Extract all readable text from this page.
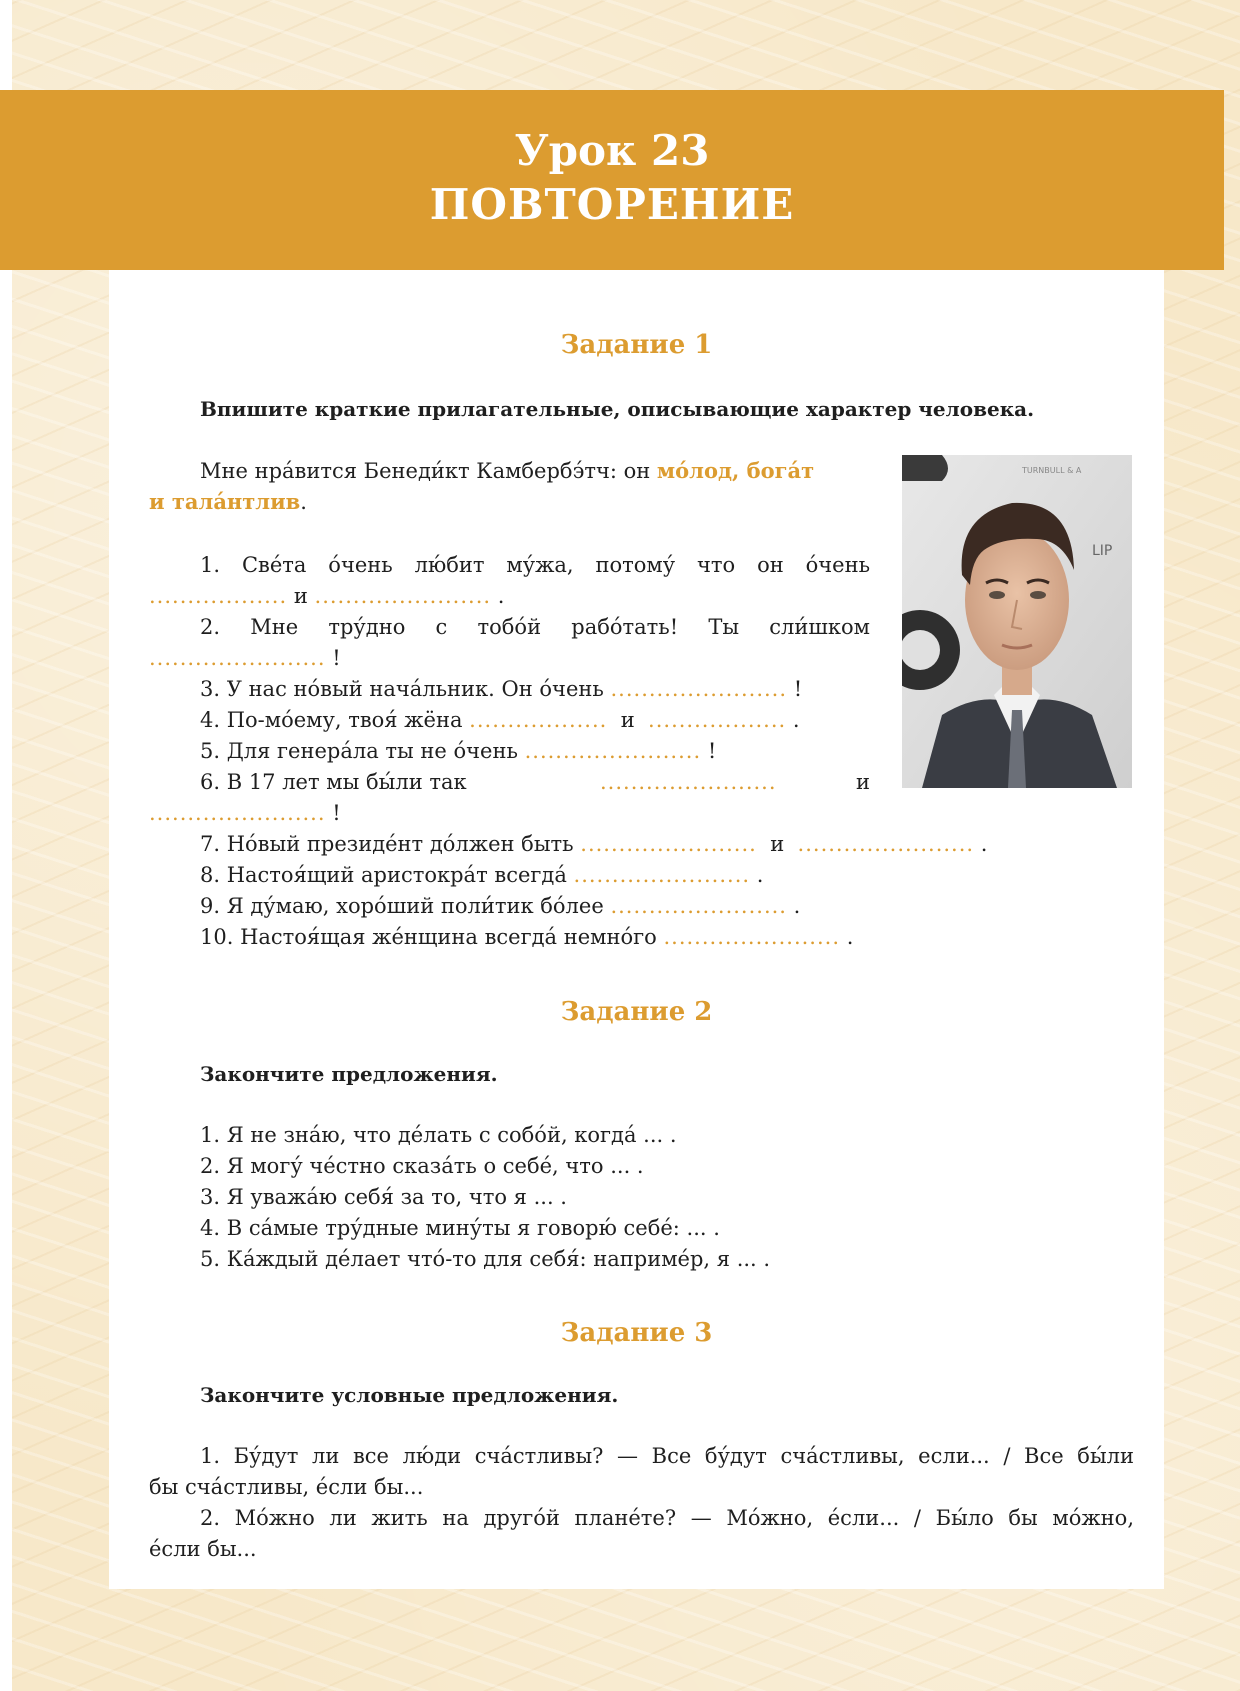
Урок 23
ПОВТОРЕНИЕ
Задание 1
Впишите краткие прилагательные, описывающие характер человека.
Мне нра́вится Бенеди́кт Камбербэ́тч: он мо́лод, бога́т
и тала́нтлив.
1. Све́та о́чень лю́бит му́жа, потому́ что он о́чень
.................. и ....................... .
2. Мне тру́дно с тобо́й рабо́тать! Ты сли́шком
....................... !
3. У нас но́вый нача́льник. Он о́чень ....................... !
4. По-мо́ему, твоя́ жёна .................. и .................. .
5. Для генера́ла ты не о́чень ....................... !
6. В 17 лет мы бы́ли так	.......................	и
....................... !
7. Но́вый президе́нт до́лжен быть ....................... и ....................... .
8. Настоя́щий аристокра́т всегда́ ....................... .
9. Я ду́маю, хоро́ший поли́тик бо́лее ....................... .
10. Настоя́щая же́нщина всегда́ немно́го ....................... .
TURNBULL & A
LIP
Задание 2
Закончите предложения.
1. Я не зна́ю, что де́лать с собо́й, когда́ ... .
2. Я могу́ че́стно сказа́ть о себе́, что ... .
3. Я уважа́ю себя́ за то, что я ... .
4. В са́мые тру́дные мину́ты я говорю́ себе́: ... .
5. Ка́ждый де́лает что́-то для себя́: наприме́р, я ... .
Задание 3
Закончите условные предложения.
1. Бу́дут ли все лю́ди сча́стливы? — Все бу́дут сча́стливы, если... / Все бы́ли
бы сча́стливы, е́сли бы...
2. Мо́жно ли жить на друго́й плане́те? — Мо́жно, е́сли... / Бы́ло бы мо́жно,
е́сли бы...
